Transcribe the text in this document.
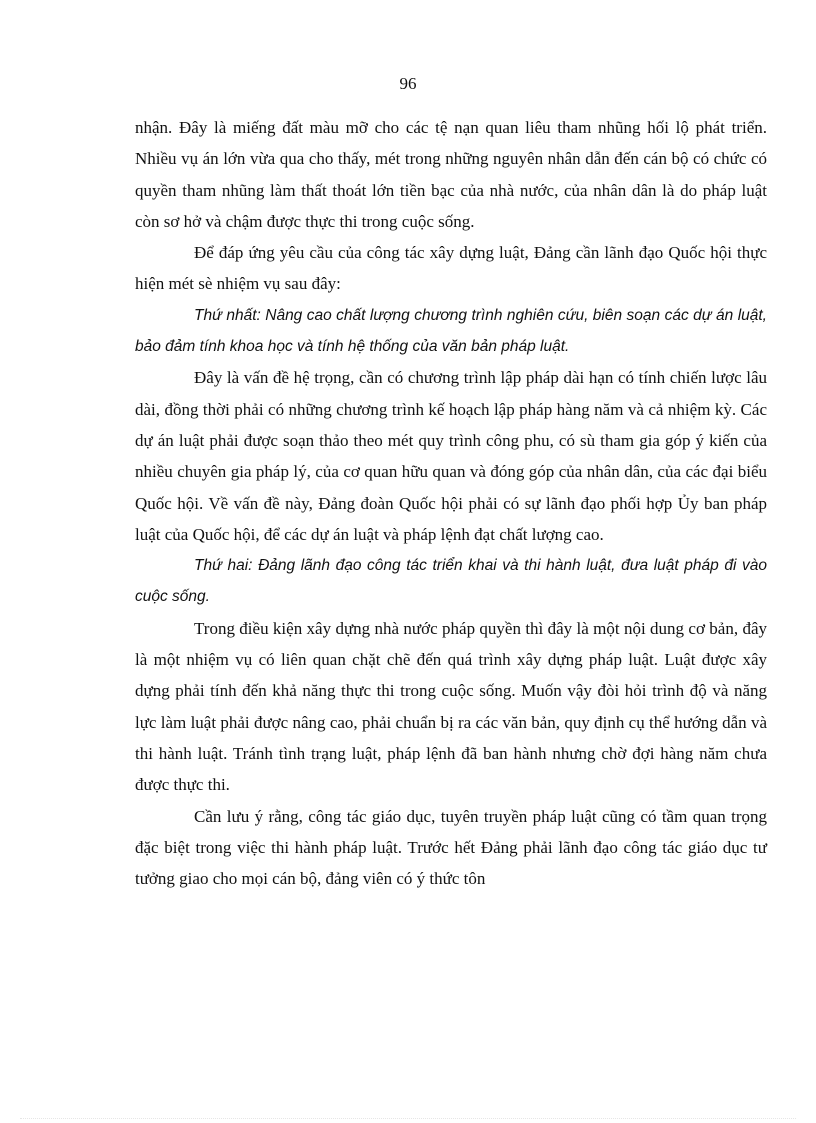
96

nhận. Đây là miếng đất màu mỡ cho các tệ nạn quan liêu tham nhũng hối lộ phát triển. Nhiều vụ án lớn vừa qua cho thấy, mét trong những nguyên nhân dẫn đến cán bộ có chức có quyền tham nhũng làm thất thoát lớn tiền bạc của nhà nước, của nhân dân là do pháp luật còn sơ hở và chậm được thực thi trong cuộc sống.

Để đáp ứng yêu cầu của công tác xây dựng luật, Đảng cần lãnh đạo Quốc hội thực hiện mét sè nhiệm vụ sau đây:

Thứ nhất: Nâng cao chất lượng chương trình nghiên cứu, biên soạn các dự án luật, bảo đảm tính khoa học và tính hệ thống của văn bản pháp luật.

Đây là vấn đề hệ trọng, cần có chương trình lập pháp dài hạn có tính chiến lược lâu dài, đồng thời phải có những chương trình kế hoạch lập pháp hàng năm và cả nhiệm kỳ. Các dự án luật phải được soạn thảo theo mét quy trình công phu, có sù tham gia góp ý kiến của nhiều chuyên gia pháp lý, của cơ quan hữu quan và đóng góp của nhân dân, của các đại biểu Quốc hội. Về vấn đề này, Đảng đoàn Quốc hội phải có sự lãnh đạo phối hợp Ủy ban pháp luật của Quốc hội, để các dự án luật và pháp lệnh đạt chất lượng cao.

Thứ hai: Đảng lãnh đạo công tác triển khai và thi hành luật, đưa luật pháp đi vào cuộc sống.

Trong điều kiện xây dựng nhà nước pháp quyền thì đây là một nội dung cơ bản, đây là một nhiệm vụ có liên quan chặt chẽ đến quá trình xây dựng pháp luật. Luật được xây dựng phải tính đến khả năng thực thi trong cuộc sống. Muốn vậy đòi hỏi trình độ và năng lực làm luật phải được nâng cao, phải chuẩn bị ra các văn bản, quy định cụ thể hướng dẫn và thi hành luật. Tránh tình trạng luật, pháp lệnh đã ban hành nhưng chờ đợi hàng năm chưa được thực thi.

Cần lưu ý rằng, công tác giáo dục, tuyên truyền pháp luật cũng có tầm quan trọng đặc biệt trong việc thi hành pháp luật. Trước hết Đảng phải lãnh đạo công tác giáo dục tư tưởng giao cho mọi cán bộ, đảng viên có ý thức tôn
